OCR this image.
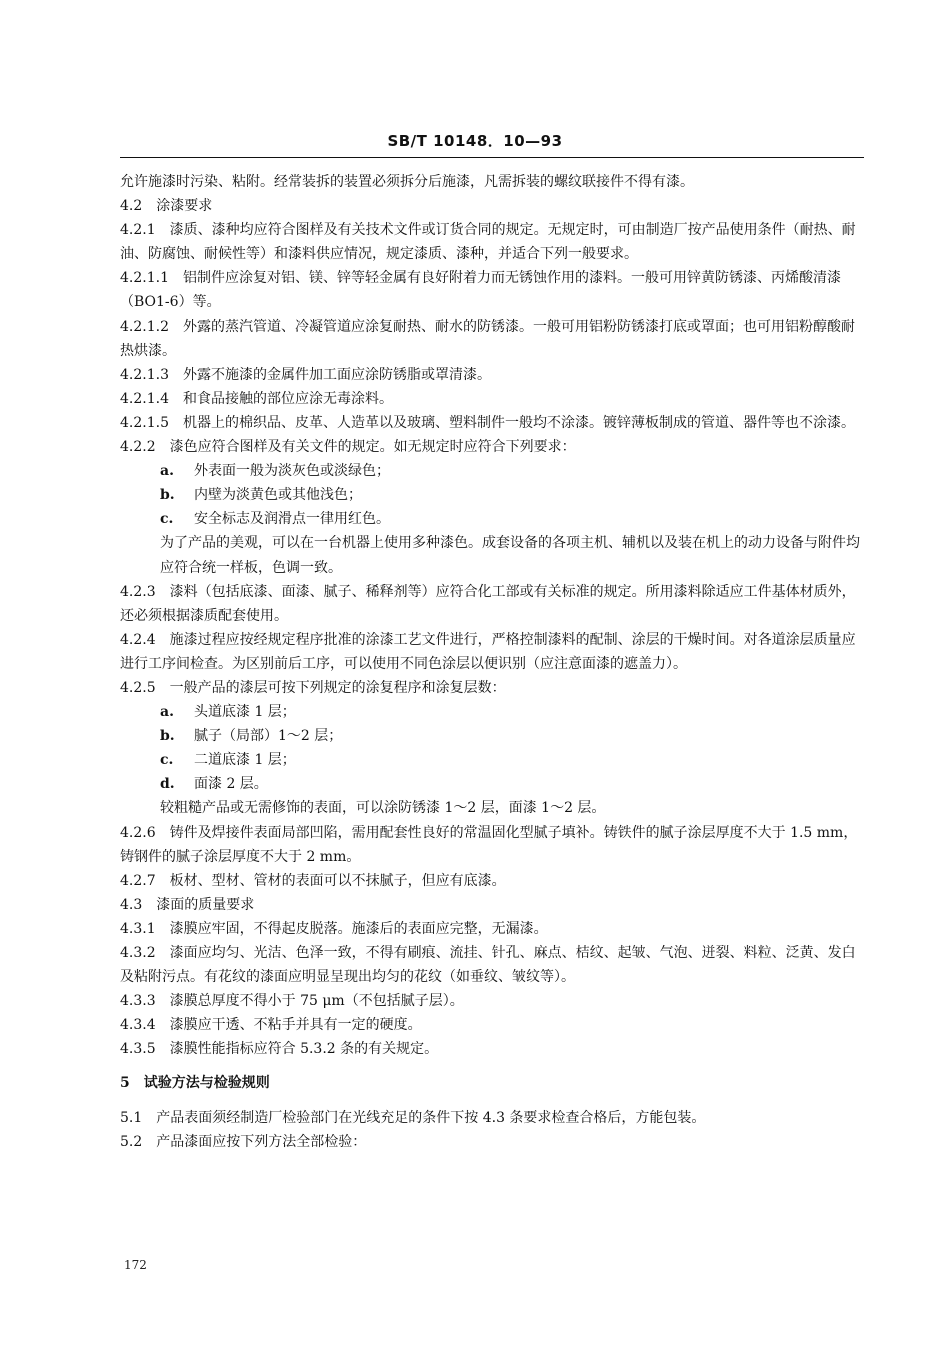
SB/T 10148．10—93
允许施漆时污染、粘附。经常装拆的装置必须拆分后施漆，凡需拆装的螺纹联接件不得有漆。
4.2　涂漆要求
4.2.1　漆质、漆种均应符合图样及有关技术文件或订货合同的规定。无规定时，可由制造厂按产品使用条件（耐热、耐油、防腐蚀、耐候性等）和漆料供应情况，规定漆质、漆种，并适合下列一般要求。
4.2.1.1　铝制件应涂复对铝、镁、锌等轻金属有良好附着力而无锈蚀作用的漆料。一般可用锌黄防锈漆、丙烯酸清漆（BO1-6）等。
4.2.1.2　外露的蒸汽管道、冷凝管道应涂复耐热、耐水的防锈漆。一般可用铝粉防锈漆打底或罩面；也可用铝粉醇酸耐热烘漆。
4.2.1.3　外露不施漆的金属件加工面应涂防锈脂或罩清漆。
4.2.1.4　和食品接触的部位应涂无毒涂料。
4.2.1.5　机器上的棉织品、皮革、人造革以及玻璃、塑料制件一般均不涂漆。镀锌薄板制成的管道、器件等也不涂漆。
4.2.2　漆色应符合图样及有关文件的规定。如无规定时应符合下列要求：
a. 外表面一般为淡灰色或淡绿色；
b. 内壁为淡黄色或其他浅色；
c. 安全标志及润滑点一律用红色。
为了产品的美观，可以在一台机器上使用多种漆色。成套设备的各项主机、辅机以及装在机上的动力设备与附件均应符合统一样板，色调一致。
4.2.3　漆料（包括底漆、面漆、腻子、稀释剂等）应符合化工部或有关标准的规定。所用漆料除适应工件基体材质外，还必须根据漆质配套使用。
4.2.4　施漆过程应按经规定程序批准的涂漆工艺文件进行，严格控制漆料的配制、涂层的干燥时间。对各道涂层质量应进行工序间检查。为区别前后工序，可以使用不同色涂层以便识别（应注意面漆的遮盖力）。
4.2.5　一般产品的漆层可按下列规定的涂复程序和涂复层数：
a. 头道底漆 1 层；
b. 腻子（局部）1～2 层；
c. 二道底漆 1 层；
d. 面漆 2 层。
较粗糙产品或无需修饰的表面，可以涂防锈漆 1～2 层，面漆 1～2 层。
4.2.6　铸件及焊接件表面局部凹陷，需用配套性良好的常温固化型腻子填补。铸铁件的腻子涂层厚度不大于 1.5 mm，铸钢件的腻子涂层厚度不大于 2 mm。
4.2.7　板材、型材、管材的表面可以不抹腻子，但应有底漆。
4.3　漆面的质量要求
4.3.1　漆膜应牢固，不得起皮脱落。施漆后的表面应完整，无漏漆。
4.3.2　漆面应均匀、光洁、色泽一致，不得有刷痕、流挂、针孔、麻点、桔纹、起皱、气泡、迸裂、料粒、泛黄、发白及粘附污点。有花纹的漆面应明显呈现出均匀的花纹（如垂纹、皱纹等）。
4.3.3　漆膜总厚度不得小于 75 μm（不包括腻子层）。
4.3.4　漆膜应干透、不粘手并具有一定的硬度。
4.3.5　漆膜性能指标应符合 5.3.2 条的有关规定。
5　试验方法与检验规则
5.1　产品表面须经制造厂检验部门在光线充足的条件下按 4.3 条要求检查合格后，方能包装。
5.2　产品漆面应按下列方法全部检验：
172
